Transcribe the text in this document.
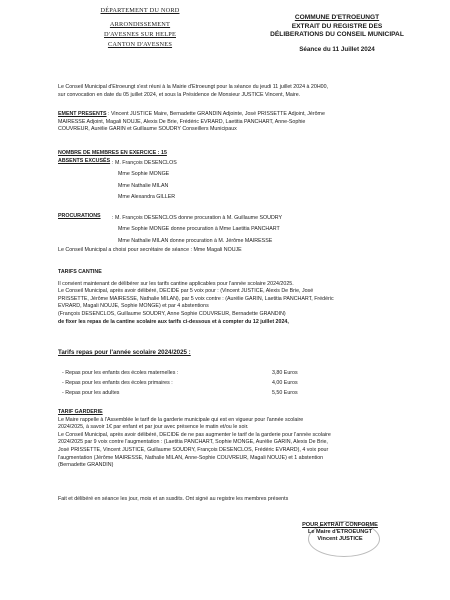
DÉPARTEMENT DU NORD
ARRONDISSEMENT
D'AVESNES SUR HELPE
CANTON D'AVESNES
COMMUNE D'ETROEUNGT
EXTRAIT DU REGISTRE DES
DÉLIBERATIONS DU CONSEIL MUNICIPAL
Séance du 11 Juillet 2024
Le Conseil Municipal d'Etroeungt s'est réuni à la Mairie d'Etroeungt pour la séance du jeudi 11 juillet 2024 à 20H00,
sur convocation en date du 05 juillet 2024, et sous la Présidence de Monsieur JUSTICE Vincent, Maire.
ÉMENT PRÉSENTS : Vincent JUSTICE Maire, Bernadette GRANDIN Adjointe, José PRISSETTE Adjoint, Jérôme
MAIRESSE Adjoint, Magali NOUJÉ, Alexis De Brie, Frédéric EVRARD, Laetitia PANCHART, Anne-Sophie
COUVREUR, Aurélie GARIN et Guillaume SOUDRY Conseillers Municipaux
NOMBRE DE MEMBRES EN EXERCICE : 15
ABSENTS EXCUSÉS : M. François DESENCLOS
Mme Sophie MONGE
Mme Nathalie MILAN
Mme Alexandra GILLER
PROCURATIONS : M. François DESENCLOS donne procuration à M. Guillaume SOUDRY
Mme Sophie MONGE donne procuration à Mme Laetitia PANCHART
Mme Nathalie MILAN donne procuration à M. Jérôme MAIRESSE
Le Conseil Municipal a choisi pour secrétaire de séance : Mme Magali NOUJÉ
TARIFS CANTINE
Il convient maintenant de délibérer sur les tarifs cantine applicables pour l'année scolaire 2024/2025.
Le Conseil Municipal, après avoir délibéré, DECIDE par 5 voix pour : (Vincent JUSTICE, Alexis De Brie, José
PRISSETTE, Jérôme MAIRESSE, Nathalie MILAN), par 5 voix contre : (Aurélie GARIN, Laetitia PANCHART, Frédéric
EVRARD, Magali NOUJÉ, Sophie MONGE) et par 4 abstentions
(François DESENCLOS, Guillaume SOUDRY, Anne Sophie COUVREUR, Bernadette GRANDIN)
de fixer les repas de la cantine scolaire aux tarifs ci-dessous et à compter du 12 juillet 2024,
Tarifs repas pour l'année scolaire 2024/2025 :
- Repas pour les enfants des écoles maternelles :	3,80 Euros
- Repas pour les enfants des écoles primaires :	4,00 Euros
- Repas pour les adultes	5,50 Euros
TARIF GARDERIE
Le Maire rappelle à l'Assemblée le tarif de la garderie municipale qui est en vigueur pour l'année scolaire
2024/2025, à savoir 1€ par enfant et par jour avec présence le matin et/ou le soir.
Le Conseil Municipal, après avoir délibéré, DECIDE de ne pas augmenter le tarif de la garderie pour l'année scolaire
2024/2025 par 9 voix contre l'augmentation : (Laetitia PANCHART, Sophie MONGE, Aurélie GARIN, Alexis De Brie,
José PRISSETTE, Vincent JUSTICE, Guillaume SOUDRY, François DESENCLOS, Frédéric EVRARD), 4 voix pour
l'augmentation (Jérôme MAIRESSE, Nathalie MILAN, Anne-Sophie COUVREUR, Magali NOUJÉ) et 1 abstention
(Bernadette GRANDIN)
Fait et délibéré en séance les jour, mois et an susdits. Ont signé au registre les membres présents
POUR EXTRAIT CONFORME
Le Maire d'ETROEUNGT
Vincent JUSTICE
